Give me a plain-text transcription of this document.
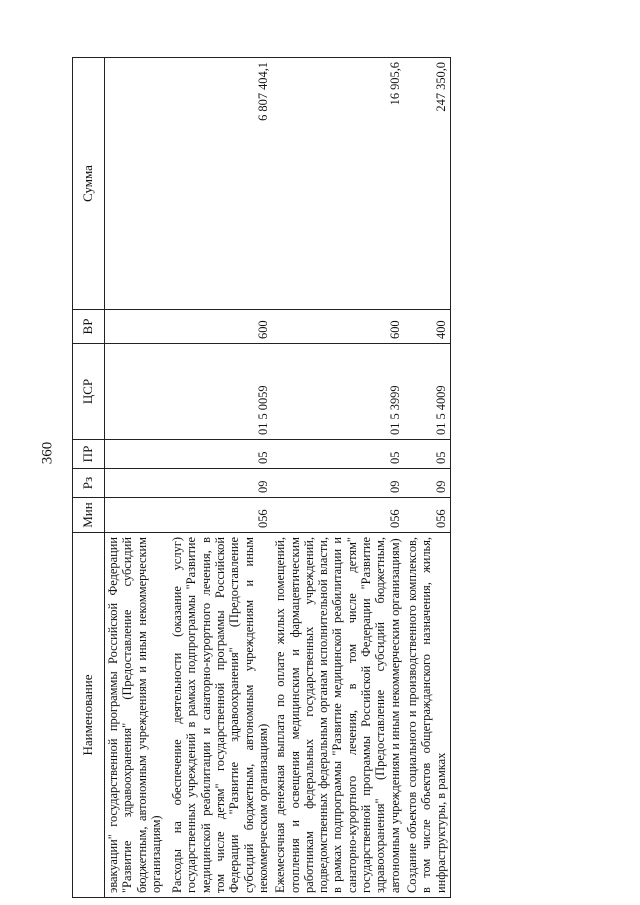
360
Наименование	Мин	Рз	ПР	ЦСР	ВР	Сумма
эвакуации" государственной программы Российской Федерации "Развитие здравоохранения" (Предоставление субсидий бюджетным, автономным учреждениям и иным некоммерческим организациям)						
Расходы на обеспечение деятельности (оказание услуг) государственных учреждений в рамках подпрограммы "Развитие медицинской реабилитации и санаторно-курортного лечения, в том числе детям" государственной программы Российской Федерации "Развитие здравоохранения" (Предоставление субсидий бюджетным, автономным учреждениям и иным некоммерческим организациям)	056	09	05	01 5 0059	600	6 807 404,1
Ежемесячная денежная выплата по оплате жилых помещений, отопления и освещения медицинским и фармацевтическим работникам федеральных государственных учреждений, подведомственных федеральным органам исполнительной власти, в рамках подпрограммы "Развитие медицинской реабилитации и санаторно-курортного лечения, в том числе детям" государственной программы Российской Федерации "Развитие здравоохранения" (Предоставление субсидий бюджетным, автономным учреждениям и иным некоммерческим организациям)	056	09	05	01 5 3999	600	16 905,6
Создание объектов социального и производственного комплексов, в том числе объектов общегражданского назначения, жилья, инфраструктуры, в рамках	056	09	05	01 5 4009	400	247 350,0
